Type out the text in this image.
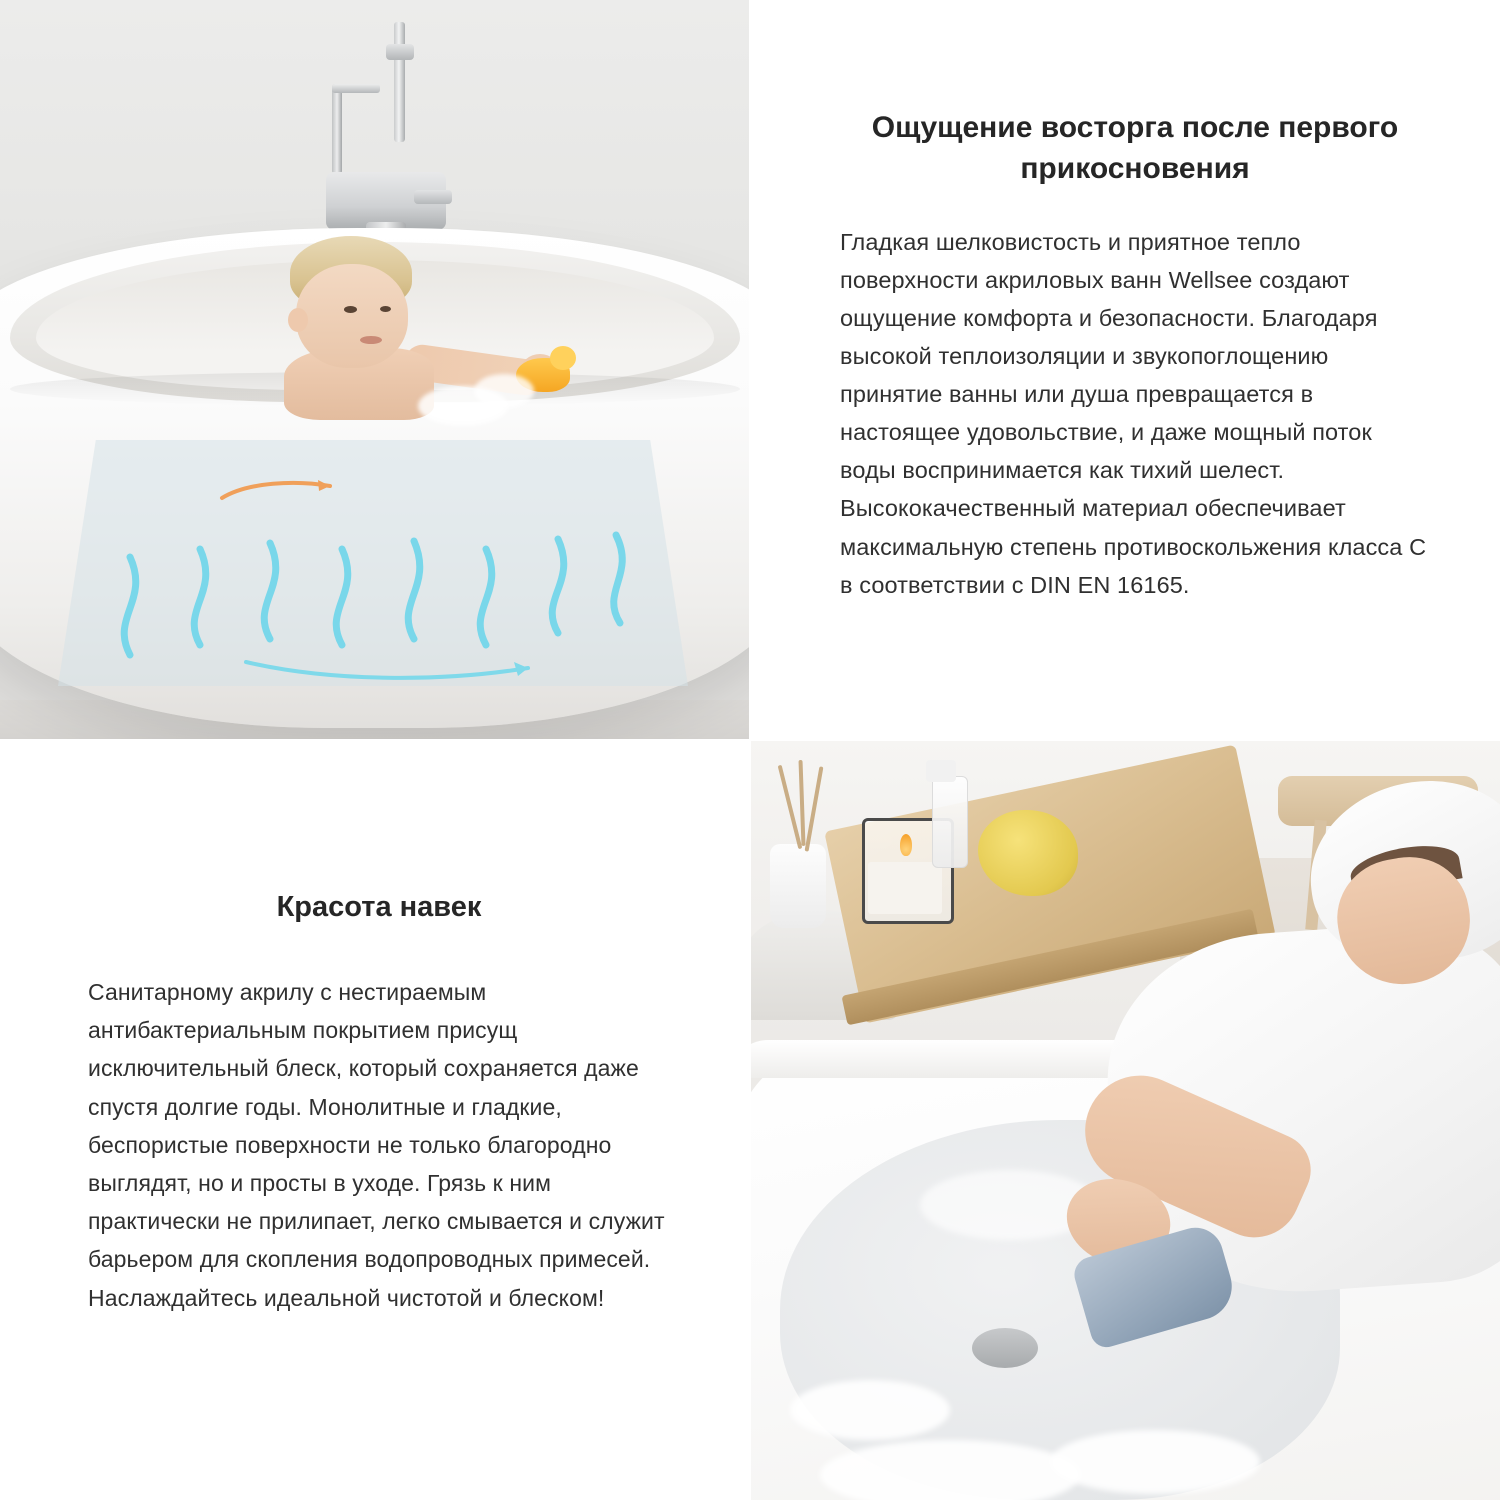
Ощущение восторга после первого прикосновения

Гладкая шелковистость и приятное тепло поверхности акриловых ванн Wellsee создают ощущение комфорта и безопасности. Благодаря высокой теплоизоляции и звукопоглощению принятие ванны или душа превращается в настоящее удовольствие, и даже мощный поток воды воспринимается как тихий шелест. Высококачественный материал обеспечивает максимальную степень противоскольжения класса С в соответствии с DIN EN 16165.

Красота навек

Санитарному акрилу с нестираемым антибактериальным покрытием присущ исключительный блеск, который сохраняется даже спустя долгие годы. Монолитные и гладкие, беспористые поверхности не только благородно выглядят, но и просты в уходе. Грязь к ним практически не прилипает, легко смывается и служит барьером для скопления водопроводных примесей. Наслаждайтесь идеальной чистотой и блеском!
